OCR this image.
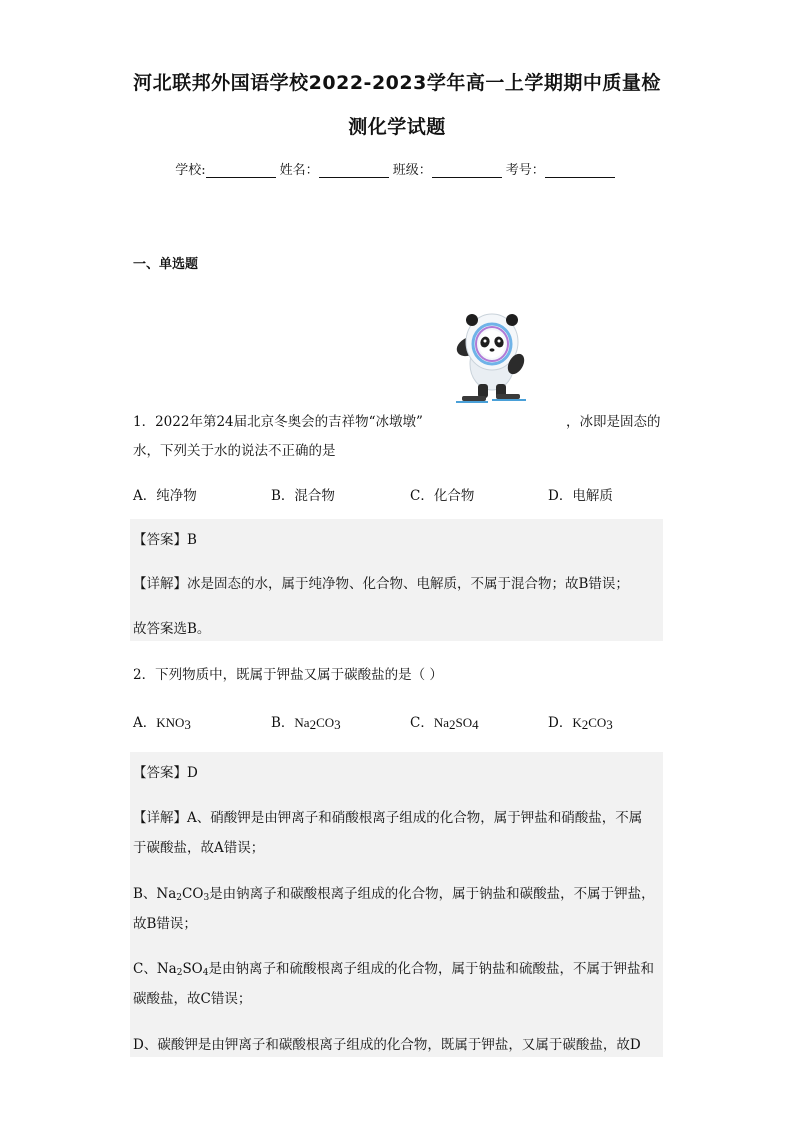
河北联邦外国语学校2022-2023学年高一上学期期中质量检
测化学试题
学校:	姓名：	班级：	考号：
一、单选题
1．2022年第24届北京冬奥会的吉祥物“冰墩墩”	，冰即是固态的
水，下列关于水的说法不正确的是
A．纯净物	B．混合物	C．化合物	D．电解质
【答案】B
【详解】冰是固态的水，属于纯净物、化合物、电解质，不属于混合物；故B错误；
故答案选B。
2．下列物质中，既属于钾盐又属于碳酸盐的是（ ）
A．$KNO_3$	B．$Na_2CO_3$	C．$Na_2SO_4$	D．$K_2CO_3$
【答案】D
【详解】A、硝酸钾是由钾离子和硝酸根离子组成的化合物，属于钾盐和硝酸盐，不属
于碳酸盐，故A错误；
B、$Na_2CO_3$是由钠离子和碳酸根离子组成的化合物，属于钠盐和碳酸盐，不属于钾盐，
故B错误；
C、$Na_2SO_4$是由钠离子和硫酸根离子组成的化合物，属于钠盐和硫酸盐，不属于钾盐和
碳酸盐，故C错误；
D、碳酸钾是由钾离子和碳酸根离子组成的化合物，既属于钾盐，又属于碳酸盐，故D
